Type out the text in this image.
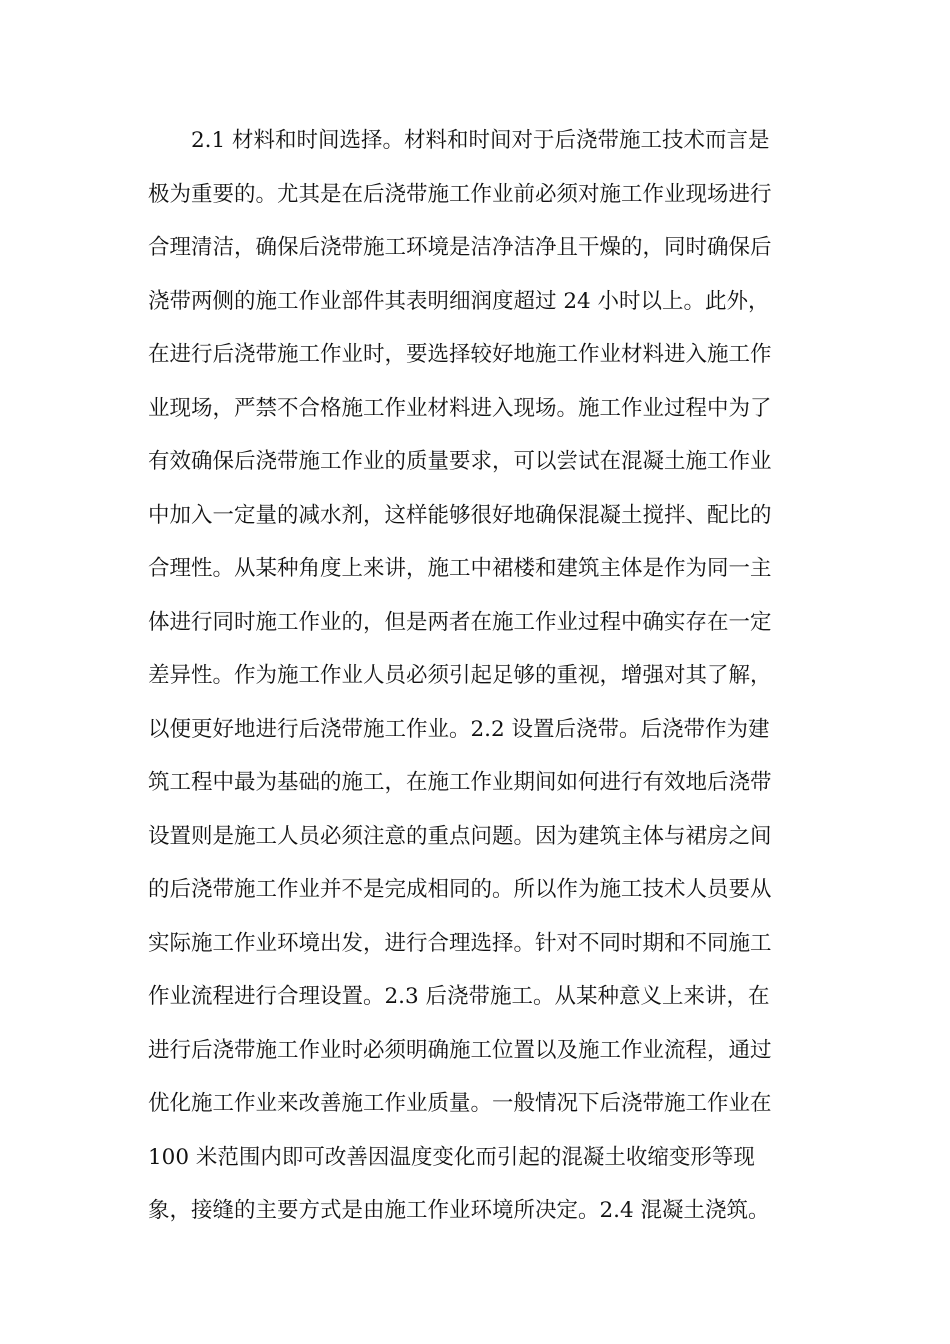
2.1 材料和时间选择。材料和时间对于后浇带施工技术而言是
极为重要的。尤其是在后浇带施工作业前必须对施工作业现场进行
合理清洁，确保后浇带施工环境是洁净洁净且干燥的，同时确保后
浇带两侧的施工作业部件其表明细润度超过 24 小时以上。此外，
在进行后浇带施工作业时，要选择较好地施工作业材料进入施工作
业现场，严禁不合格施工作业材料进入现场。施工作业过程中为了
有效确保后浇带施工作业的质量要求，可以尝试在混凝土施工作业
中加入一定量的减水剂，这样能够很好地确保混凝土搅拌、配比的
合理性。从某种角度上来讲，施工中裙楼和建筑主体是作为同一主
体进行同时施工作业的，但是两者在施工作业过程中确实存在一定
差异性。作为施工作业人员必须引起足够的重视，增强对其了解，
以便更好地进行后浇带施工作业。2.2 设置后浇带。后浇带作为建
筑工程中最为基础的施工，在施工作业期间如何进行有效地后浇带
设置则是施工人员必须注意的重点问题。因为建筑主体与裙房之间
的后浇带施工作业并不是完成相同的。所以作为施工技术人员要从
实际施工作业环境出发，进行合理选择。针对不同时期和不同施工
作业流程进行合理设置。2.3 后浇带施工。从某种意义上来讲，在
进行后浇带施工作业时必须明确施工位置以及施工作业流程，通过
优化施工作业来改善施工作业质量。一般情况下后浇带施工作业在
100 米范围内即可改善因温度变化而引起的混凝土收缩变形等现
象，接缝的主要方式是由施工作业环境所决定。2.4 混凝土浇筑。
